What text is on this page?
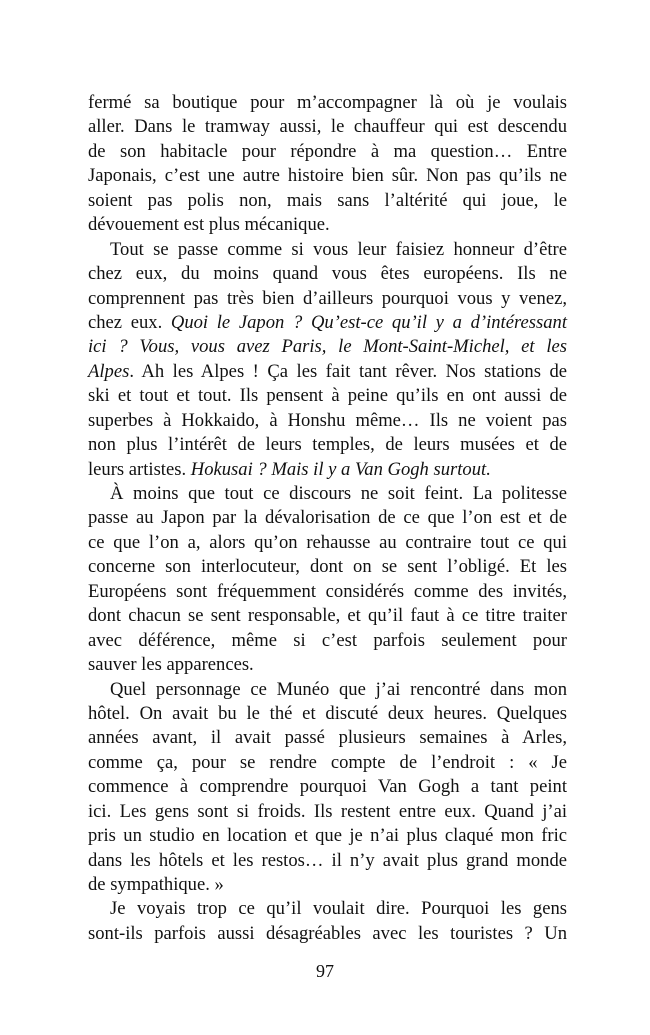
fermé sa boutique pour m’accompagner là où je voulais
aller. Dans le tramway aussi, le chauffeur qui est descendu
de son habitacle pour répondre à ma question… Entre
Japonais, c’est une autre histoire bien sûr. Non pas qu’ils ne
soient pas polis non, mais sans l’altérité qui joue, le
dévouement est plus mécanique.
Tout se passe comme si vous leur faisiez honneur d’être
chez eux, du moins quand vous êtes européens. Ils ne
comprennent pas très bien d’ailleurs pourquoi vous y venez,
chez eux. Quoi le Japon ? Qu’est-ce qu’il y a d’intéressant
ici ? Vous, vous avez Paris, le Mont-Saint-Michel, et les
Alpes. Ah les Alpes ! Ça les fait tant rêver. Nos stations de
ski et tout et tout. Ils pensent à peine qu’ils en ont aussi de
superbes à Hokkaido, à Honshu même… Ils ne voient pas
non plus l’intérêt de leurs temples, de leurs musées et de
leurs artistes. Hokusai ? Mais il y a Van Gogh surtout.
À moins que tout ce discours ne soit feint. La politesse
passe au Japon par la dévalorisation de ce que l’on est et de
ce que l’on a, alors qu’on rehausse au contraire tout ce qui
concerne son interlocuteur, dont on se sent l’obligé. Et les
Européens sont fréquemment considérés comme des invités,
dont chacun se sent responsable, et qu’il faut à ce titre traiter
avec déférence, même si c’est parfois seulement pour
sauver les apparences.
Quel personnage ce Munéo que j’ai rencontré dans mon
hôtel. On avait bu le thé et discuté deux heures. Quelques
années avant, il avait passé plusieurs semaines à Arles,
comme ça, pour se rendre compte de l’endroit : « Je
commence à comprendre pourquoi Van Gogh a tant peint
ici. Les gens sont si froids. Ils restent entre eux. Quand j’ai
pris un studio en location et que je n’ai plus claqué mon fric
dans les hôtels et les restos… il n’y avait plus grand monde
de sympathique. »
Je voyais trop ce qu’il voulait dire. Pourquoi les gens
sont-ils parfois aussi désagréables avec les touristes ? Un
97
